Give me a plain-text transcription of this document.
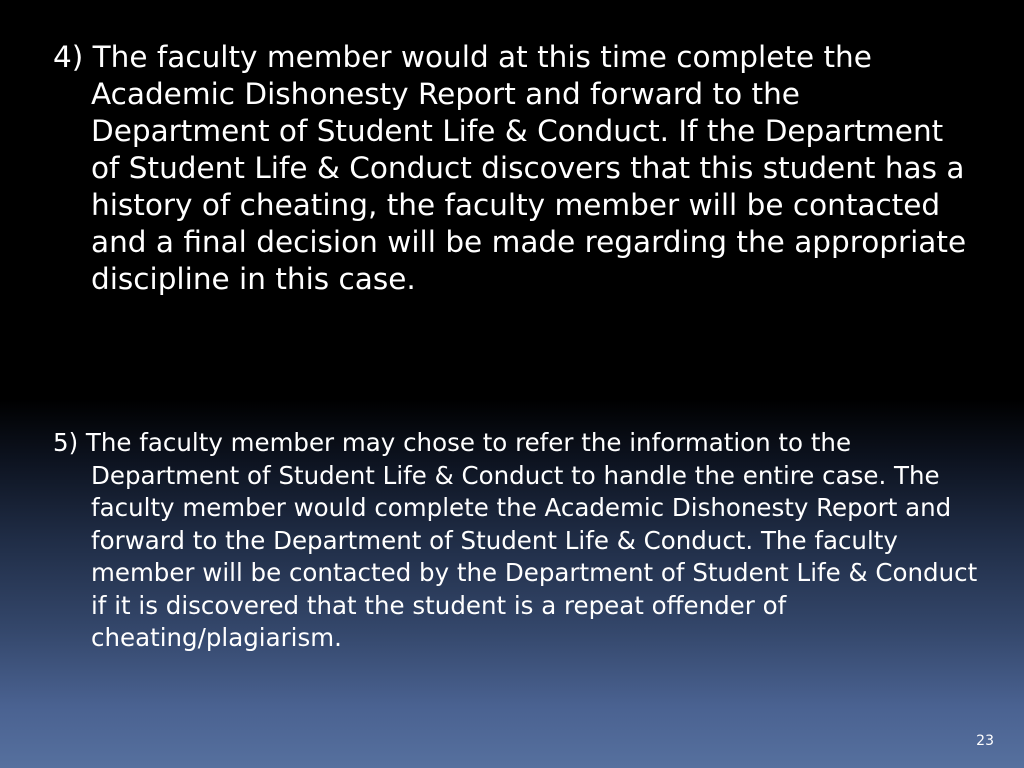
4) The faculty member would at this time complete the Academic Dishonesty Report and forward to the Department of Student Life & Conduct. If the Department of Student Life & Conduct discovers that this student has a history of cheating, the faculty member will be contacted and a final decision will be made regarding the appropriate discipline in this case.

5) The faculty member may chose to refer the information to the Department of Student Life & Conduct to handle the entire case. The faculty member would complete the Academic Dishonesty Report and forward to the Department of Student Life & Conduct. The faculty member will be contacted by the Department of Student Life & Conduct if it is discovered that the student is a repeat offender of cheating/plagiarism.

23
